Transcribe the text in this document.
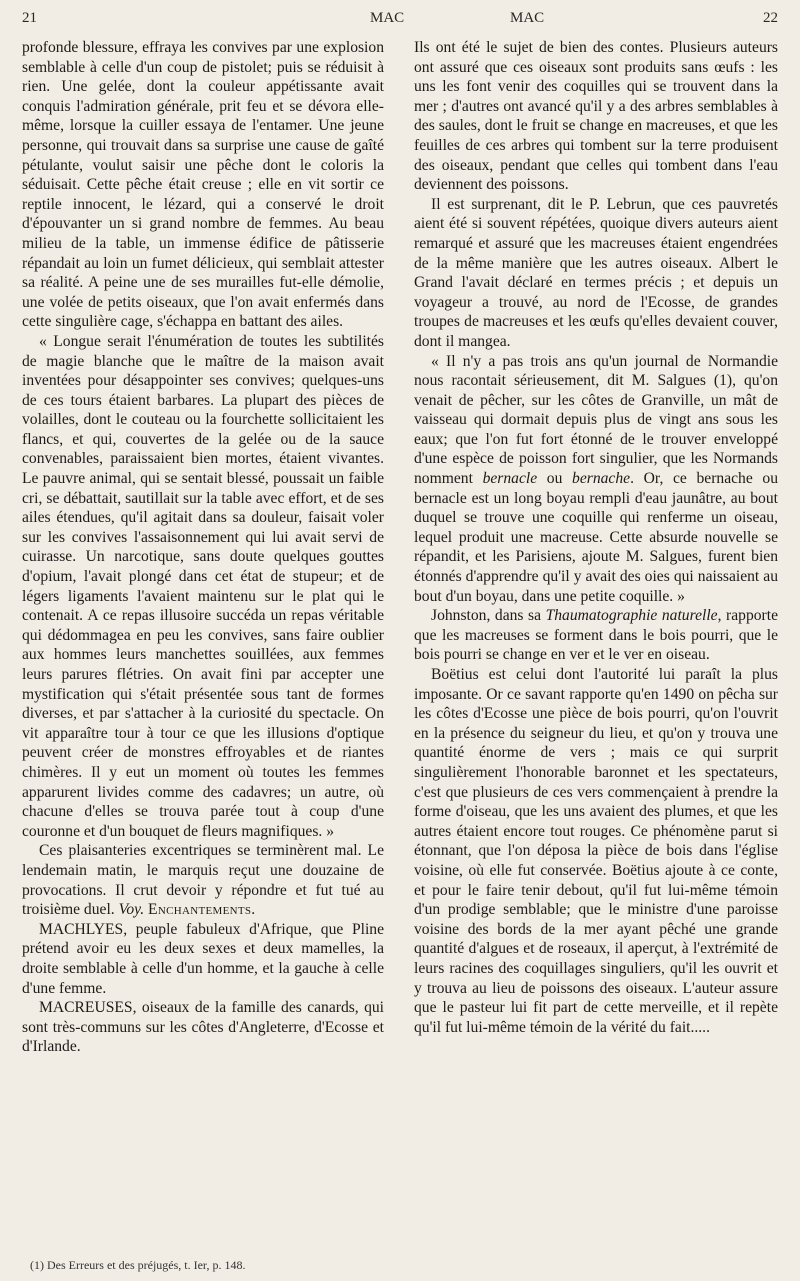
21	MAC	MAC	22

profonde blessure, effraya les convives par une explosion semblable à celle d'un coup de pistolet; puis se réduisit à rien. Une gelée, dont la couleur appétissante avait conquis l'admiration générale, prit feu et se dévora elle-même, lorsque la cuiller essaya de l'entamer. Une jeune personne, qui trouvait dans sa surprise une cause de gaîté pétulante, voulut saisir une pêche dont le coloris la séduisait. Cette pêche était creuse ; elle en vit sortir ce reptile innocent, le lézard, qui a conservé le droit d'épouvanter un si grand nombre de femmes. Au beau milieu de la table, un immense édifice de pâtisserie répandait au loin un fumet délicieux, qui semblait attester sa réalité. A peine une de ses murailles fut-elle démolie, une volée de petits oiseaux, que l'on avait enfermés dans cette singulière cage, s'échappa en battant des ailes.

« Longue serait l'énumération de toutes les subtilités de magie blanche que le maître de la maison avait inventées pour désappointer ses convives; quelques-uns de ces tours étaient barbares. La plupart des pièces de volailles, dont le couteau ou la fourchette sollicitaient les flancs, et qui, couvertes de la gelée ou de la sauce convenables, paraissaient bien mortes, étaient vivantes. Le pauvre animal, qui se sentait blessé, poussait un faible cri, se débattait, sautillait sur la table avec effort, et de ses ailes étendues, qu'il agitait dans sa douleur, faisait voler sur les convives l'assaisonnement qui lui avait servi de cuirasse. Un narcotique, sans doute quelques gouttes d'opium, l'avait plongé dans cet état de stupeur; et de légers ligaments l'avaient maintenu sur le plat qui le contenait. A ce repas illusoire succéda un repas véritable qui dédommagea en peu les convives, sans faire oublier aux hommes leurs manchettes souillées, aux femmes leurs parures flétries. On avait fini par accepter une mystification qui s'était présentée sous tant de formes diverses, et par s'attacher à la curiosité du spectacle. On vit apparaître tour à tour ce que les illusions d'optique peuvent créer de monstres effroyables et de riantes chimères. Il y eut un moment où toutes les femmes apparurent livides comme des cadavres; un autre, où chacune d'elles se trouva parée tout à coup d'une couronne et d'un bouquet de fleurs magnifiques. »

Ces plaisanteries excentriques se terminèrent mal. Le lendemain matin, le marquis reçut une douzaine de provocations. Il crut devoir y répondre et fut tué au troisième duel. Voy. Enchantements.

MACHLYES, peuple fabuleux d'Afrique, que Pline prétend avoir eu les deux sexes et deux mamelles, la droite semblable à celle d'un homme, et la gauche à celle d'une femme.

MACREUSES, oiseaux de la famille des canards, qui sont très-communs sur les côtes d'Angleterre, d'Ecosse et d'Irlande.

Ils ont été le sujet de bien des contes. Plusieurs auteurs ont assuré que ces oiseaux sont produits sans œufs : les uns les font venir des coquilles qui se trouvent dans la mer ; d'autres ont avancé qu'il y a des arbres semblables à des saules, dont le fruit se change en macreuses, et que les feuilles de ces arbres qui tombent sur la terre produisent des oiseaux, pendant que celles qui tombent dans l'eau deviennent des poissons.

Il est surprenant, dit le P. Lebrun, que ces pauvretés aient été si souvent répétées, quoique divers auteurs aient remarqué et assuré que les macreuses étaient engendrées de la même manière que les autres oiseaux. Albert le Grand l'avait déclaré en termes précis ; et depuis un voyageur a trouvé, au nord de l'Ecosse, de grandes troupes de macreuses et les œufs qu'elles devaient couver, dont il mangea.

« Il n'y a pas trois ans qu'un journal de Normandie nous racontait sérieusement, dit M. Salgues (1), qu'on venait de pêcher, sur les côtes de Granville, un mât de vaisseau qui dormait depuis plus de vingt ans sous les eaux; que l'on fut fort étonné de le trouver enveloppé d'une espèce de poisson fort singulier, que les Normands nomment bernacle ou bernache. Or, ce bernache ou bernacle est un long boyau rempli d'eau jaunâtre, au bout duquel se trouve une coquille qui renferme un oiseau, lequel produit une macreuse. Cette absurde nouvelle se répandit, et les Parisiens, ajoute M. Salgues, furent bien étonnés d'apprendre qu'il y avait des oies qui naissaient au bout d'un boyau, dans une petite coquille. »

Johnston, dans sa Thaumatographie naturelle, rapporte que les macreuses se forment dans le bois pourri, que le bois pourri se change en ver et le ver en oiseau.

Boëtius est celui dont l'autorité lui paraît la plus imposante. Or ce savant rapporte qu'en 1490 on pêcha sur les côtes d'Ecosse une pièce de bois pourri, qu'on l'ouvrit en la présence du seigneur du lieu, et qu'on y trouva une quantité énorme de vers ; mais ce qui surprit singulièrement l'honorable baronnet et les spectateurs, c'est que plusieurs de ces vers commençaient à prendre la forme d'oiseau, que les uns avaient des plumes, et que les autres étaient encore tout rouges. Ce phénomène parut si étonnant, que l'on déposa la pièce de bois dans l'église voisine, où elle fut conservée. Boëtius ajoute à ce conte, et pour le faire tenir debout, qu'il fut lui-même témoin d'un prodige semblable; que le ministre d'une paroisse voisine des bords de la mer ayant pêché une grande quantité d'algues et de roseaux, il aperçut, à l'extrémité de leurs racines des coquillages singuliers, qu'il les ouvrit et y trouva au lieu de poissons des oiseaux. L'auteur assure que le pasteur lui fit part de cette merveille, et il repète qu'il fut lui-même témoin de la vérité du fait.....

(1) Des Erreurs et des préjugés, t. Ier, p. 148.
